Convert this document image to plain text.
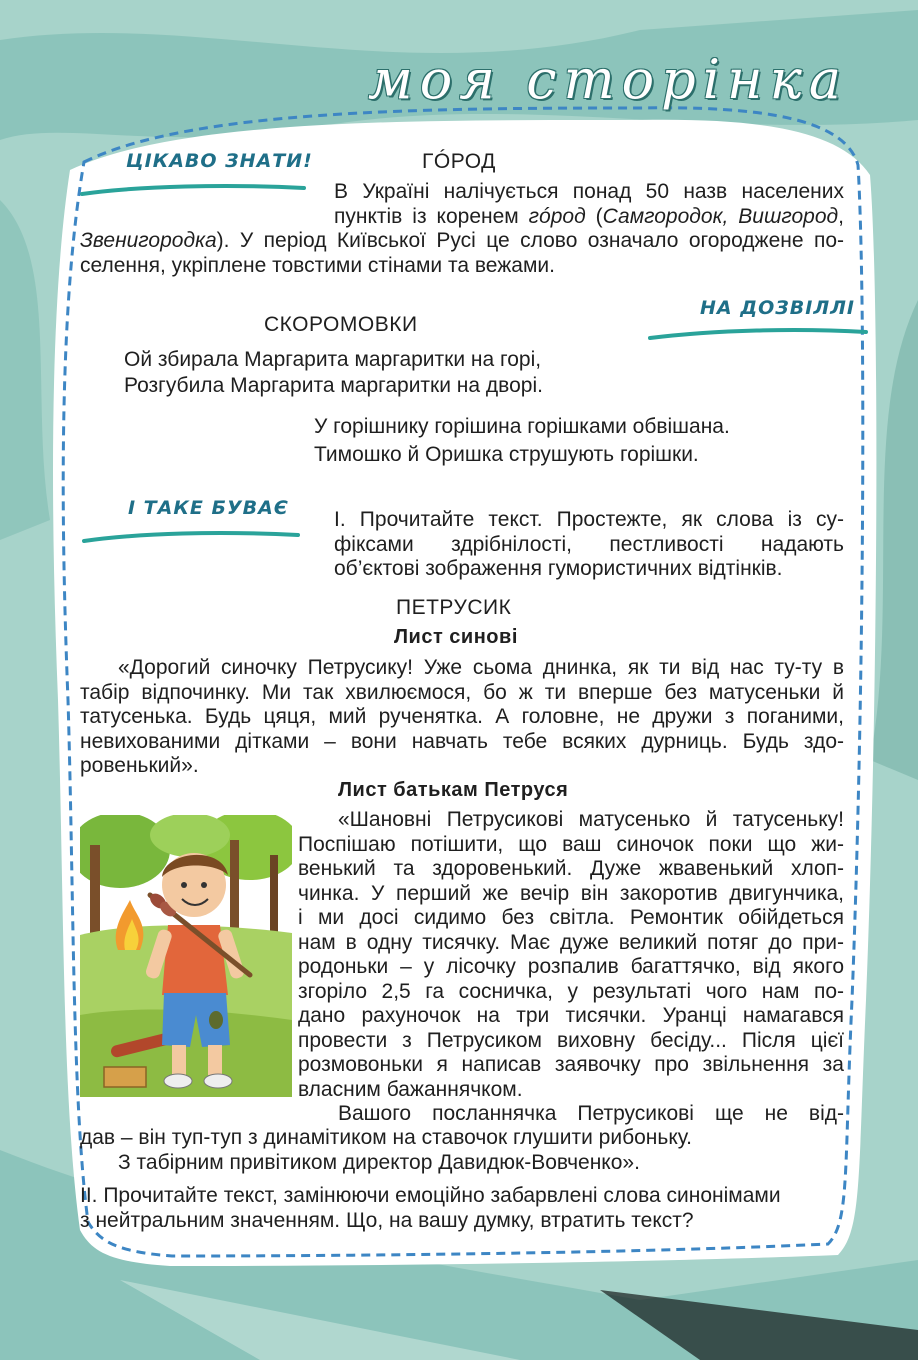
моя сторінка
ЦІКАВО ЗНАТИ!
НА ДОЗВІЛЛІ
І ТАКЕ БУВАЄ
ГÓРОД
В Україні налічується понад 50 назв населених
пунктів із коренем гóрод (Самгородок, Вишгород,
Звенигородка). У період Київської Русі це слово означало огороджене по-
селення, укріплене товстими стінами та вежами.
СКОРОМОВКИ
Ой збирала Маргарита маргаритки на горі,
Розгубила Маргарита маргаритки на дворі.
У горішнику горішина горішками обвішана.
Тимошко й Оришка струшують горішки.
І. Прочитайте текст. Простежте, як слова із су-
фіксами здрібнілості, пестливості надають
об’єктові зображення гумористичних відтінків.
ПЕТРУСИК
Лист синові
«Дорогий синочку Петрусику! Уже сьома днинка, як ти від нас ту-ту в
табір відпочинку. Ми так хвилюємося, бо ж ти вперше без матусеньки й
татусенька. Будь цяця, мий рученятка. А головне, не дружи з поганими,
невихованими дітками – вони навчать тебе всяких дурниць. Будь здо-
ровенький».
Лист батькам Петруся
«Шановні Петрусикові матусенько й татусеньку!
Поспішаю потішити, що ваш синочок поки що жи-
венький та здоровенький. Дуже жвавенький хлоп-
чинка. У перший же вечір він закоротив двигунчика,
і ми досі сидимо без світла. Ремонтик обійдеться
нам в одну тисячку. Має дуже великий потяг до при-
родоньки – у лісочку розпалив багаттячко, від якого
згоріло 2,5 га сосничка, у результаті чого нам по-
дано рахуночок на три тисячки. Уранці намагався
провести з Петрусиком виховну бесіду... Після цієї
розмовоньки я написав заявочку про звільнення за
власним бажаннячком.
Вашого посланнячка Петрусикові ще не від-
дав – він туп-туп з динамітиком на ставочок глушити рибоньку.
З табірним привітиком директор Давидюк-Вовченко».
ІІ. Прочитайте текст, замінюючи емоційно забарвлені слова синонімами
з нейтральним значенням. Що, на вашу думку, втратить текст?
